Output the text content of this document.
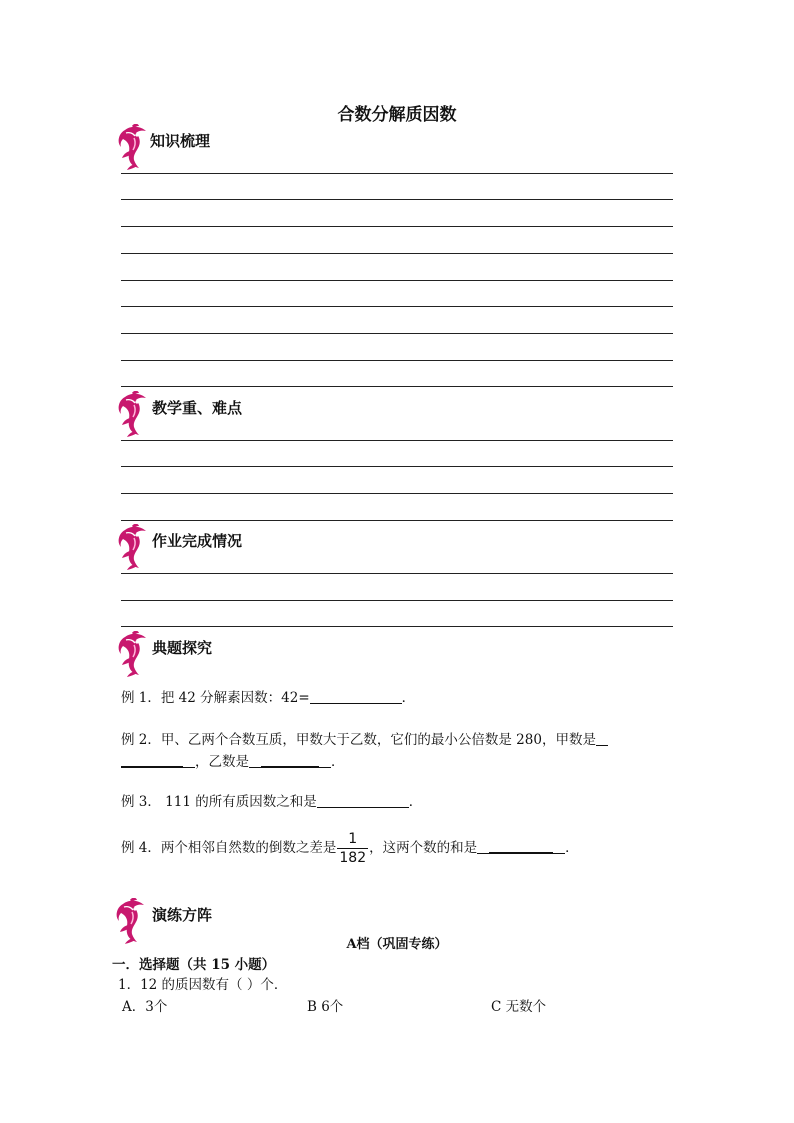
合数分解质因数
知识梳理
教学重、难点
作业完成情况
典题探究
例 1．把 42 分解素因数：42=	．
例 2．甲、乙两个合数互质，甲数大于乙数，它们的最小公倍数是 280，甲数是
，乙数是	．
例 3． 111 的所有质因数之和是	．
例 4．两个相邻自然数的倒数之差是 $\frac{1}{182}$ ，这两个数的和是	．
演练方阵
A档（巩固专练）
一．选择题（共 15 小题）
1．12 的质因数有（ ）个．
A．3个	B 6个	C 无数个
